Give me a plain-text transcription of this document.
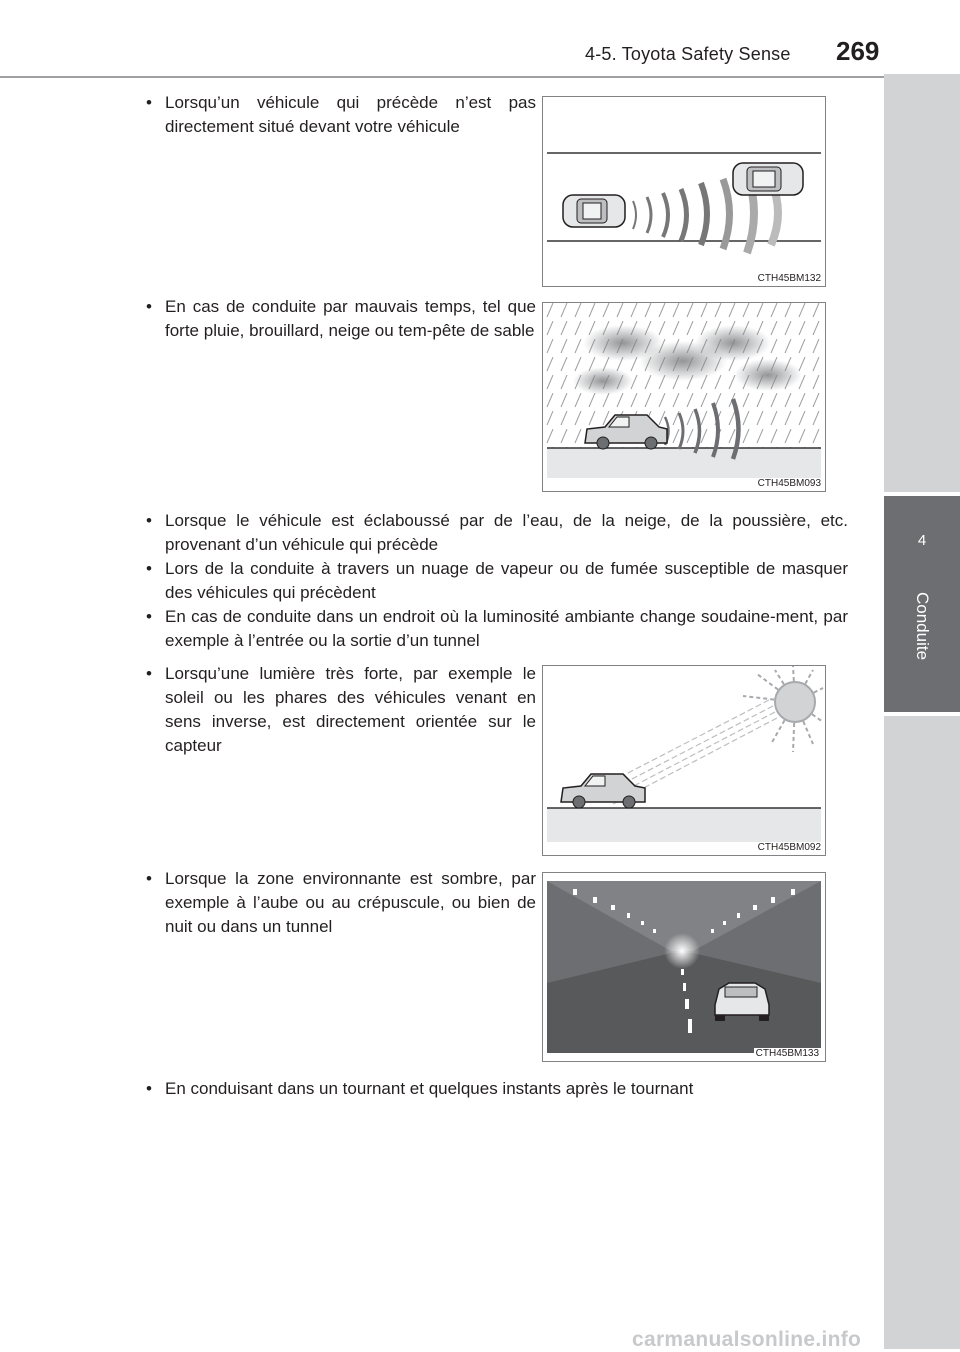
4-5. Toyota Safety Sense 269
4
Conduite
• Lorsqu’un véhicule qui précède n’est pas directement situé devant votre véhicule
• En cas de conduite par mauvais temps, tel que forte pluie, brouillard, neige ou tem-pête de sable
• Lorsque le véhicule est éclaboussé par de l’eau, de la neige, de la poussière, etc. provenant d’un véhicule qui précède
• Lors de la conduite à travers un nuage de vapeur ou de fumée susceptible de masquer des véhicules qui précèdent
• En cas de conduite dans un endroit où la luminosité ambiante change soudaine-ment, par exemple à l’entrée ou la sortie d’un tunnel
• Lorsqu’une lumière très forte, par exemple le soleil ou les phares des véhicules venant en sens inverse, est directement orientée sur le capteur
• Lorsque la zone environnante est sombre, par exemple à l’aube ou au crépuscule, ou bien de nuit ou dans un tunnel
• En conduisant dans un tournant et quelques instants après le tournant
CTH45BM132
CTH45BM093
CTH45BM092
CTH45BM133
carmanualsonline.info
